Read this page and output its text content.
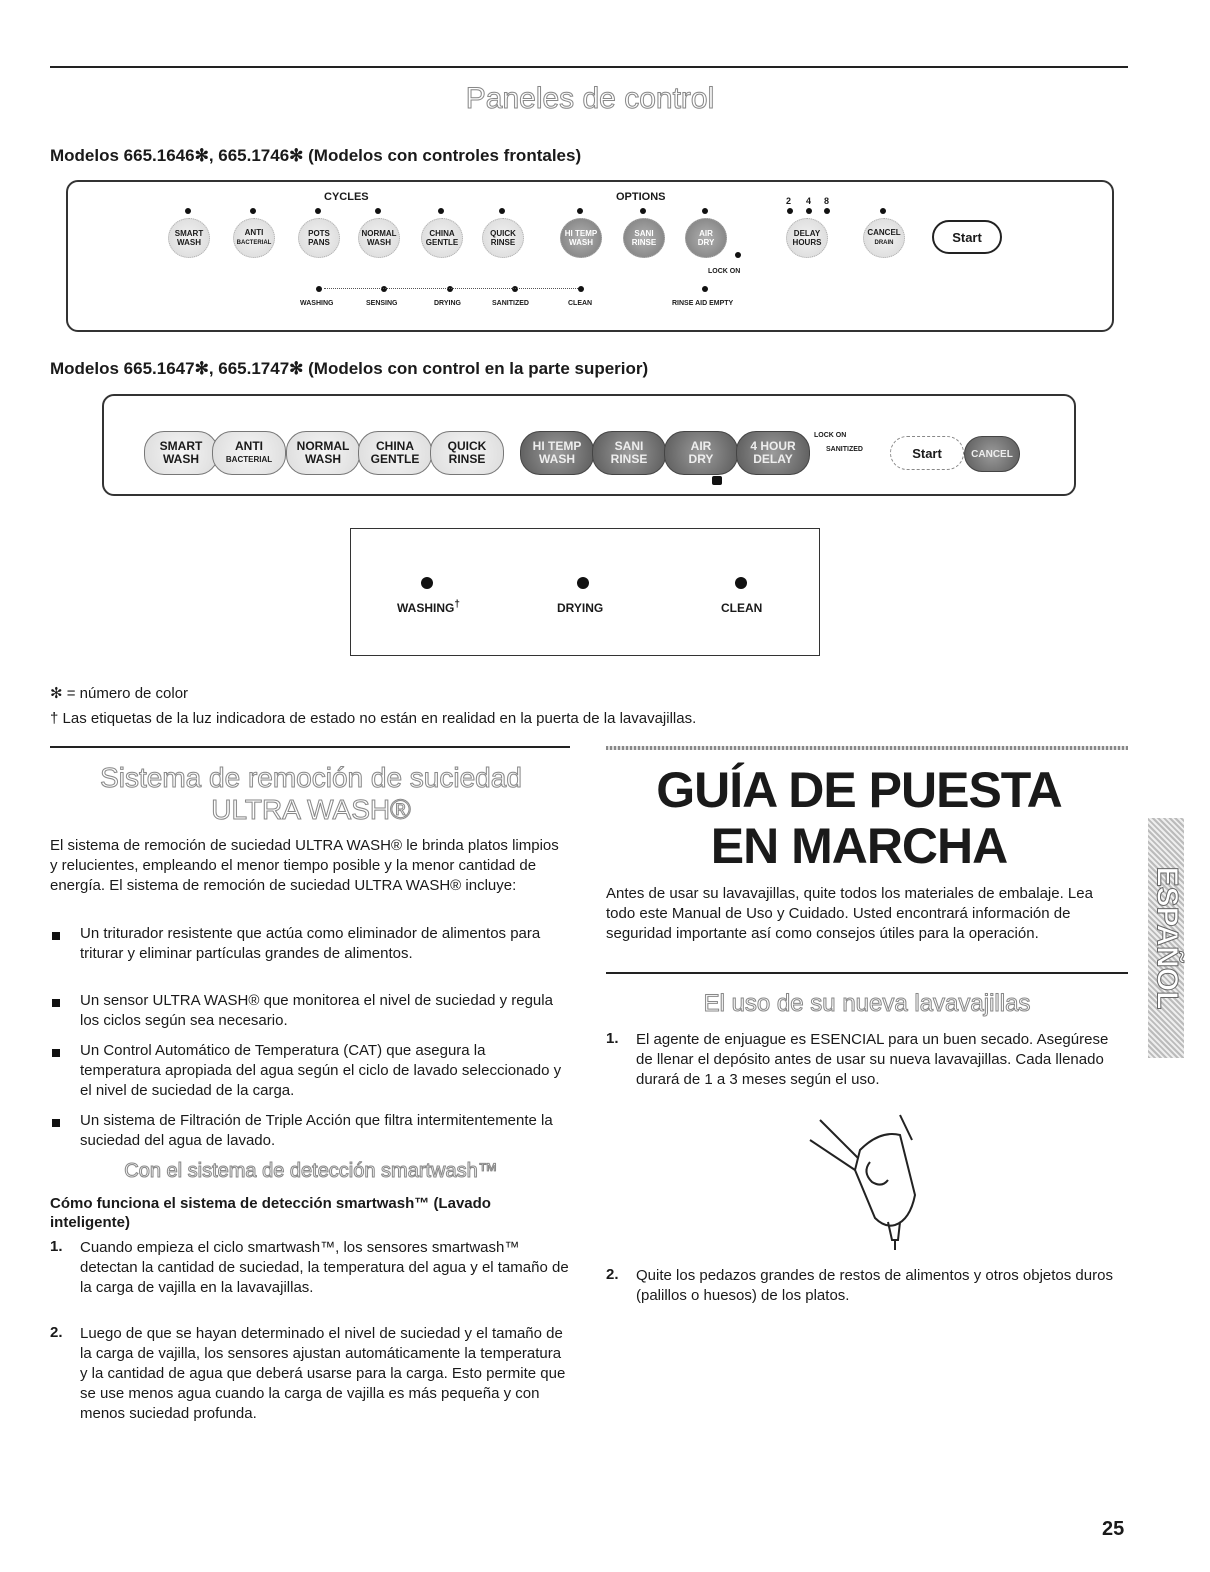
Paneles de control
Modelos 665.1646✻, 665.1746✻ (Modelos con controles frontales)
CYCLES	OPTIONS	2 4 8
SMART
WASH
ANTI
BACTERIAL
POTS
PANS
NORMAL
WASH
CHINA
GENTLE
QUICK
RINSE
HI TEMP
WASH
SANI
RINSE
AIR
DRY
LOCK ON
DELAY
HOURS
CANCEL
DRAIN	Start
WASHING	SENSING	DRYING	SANITIZED	CLEAN	RINSE AID EMPTY
Modelos 665.1647✻, 665.1747✻ (Modelos con control en la parte superior)
SMART
WASH
ANTI
BACTERIAL
NORMAL
WASH
CHINA
GENTLE
QUICK
RINSE
HI TEMP
WASH
SANI
RINSE
AIR
DRY
4 HOUR
DELAY
LOCK ON
SANITIZED	Start	CANCEL
WASHING†	DRYING	CLEAN
✻ = número de color
† Las etiquetas de la luz indicadora de estado no están en realidad en la puerta de la lavavajillas.
Sistema de remoción de suciedad
ULTRA WASH®
El sistema de remoción de suciedad ULTRA WASH® le brinda platos limpios y relucientes, empleando el menor tiempo posible y la menor cantidad de energía. El sistema de remoción de suciedad ULTRA WASH® incluye:
Un triturador resistente que actúa como eliminador de alimentos para triturar y eliminar partículas grandes de alimentos.
Un sensor ULTRA WASH® que monitorea el nivel de suciedad y regula los ciclos según sea necesario.
Un Control Automático de Temperatura (CAT) que asegura la temperatura apropiada del agua según el ciclo de lavado seleccionado y el nivel de suciedad de la carga.
Un sistema de Filtración de Triple Acción que filtra intermitentemente la suciedad del agua de lavado.
Con el sistema de detección smartwash™
Cómo funciona el sistema de detección smartwash™ (Lavado inteligente)
1. Cuando empieza el ciclo smartwash™, los sensores smartwash™ detectan la cantidad de suciedad, la temperatura del agua y el tamaño de la carga de vajilla en la lavavajillas.
2. Luego de que se hayan determinado el nivel de suciedad y el tamaño de la carga de vajilla, los sensores ajustan automáticamente la temperatura y la cantidad de agua que deberá usarse para la carga. Esto permite que se use menos agua cuando la carga de vajilla es más pequeña y con menos suciedad profunda.
GUÍA DE PUESTA
EN MARCHA
Antes de usar su lavavajillas, quite todos los materiales de embalaje. Lea todo este Manual de Uso y Cuidado. Usted encontrará información de seguridad importante así como consejos útiles para la operación.
El uso de su nueva lavavajillas
1. El agente de enjuague es ESENCIAL para un buen secado. Asegúrese de llenar el depósito antes de usar su nueva lavavajillas. Cada llenado durará de 1 a 3 meses según el uso.
2. Quite los pedazos grandes de restos de alimentos y otros objetos duros (palillos o huesos) de los platos.
ESPAÑOL
25
